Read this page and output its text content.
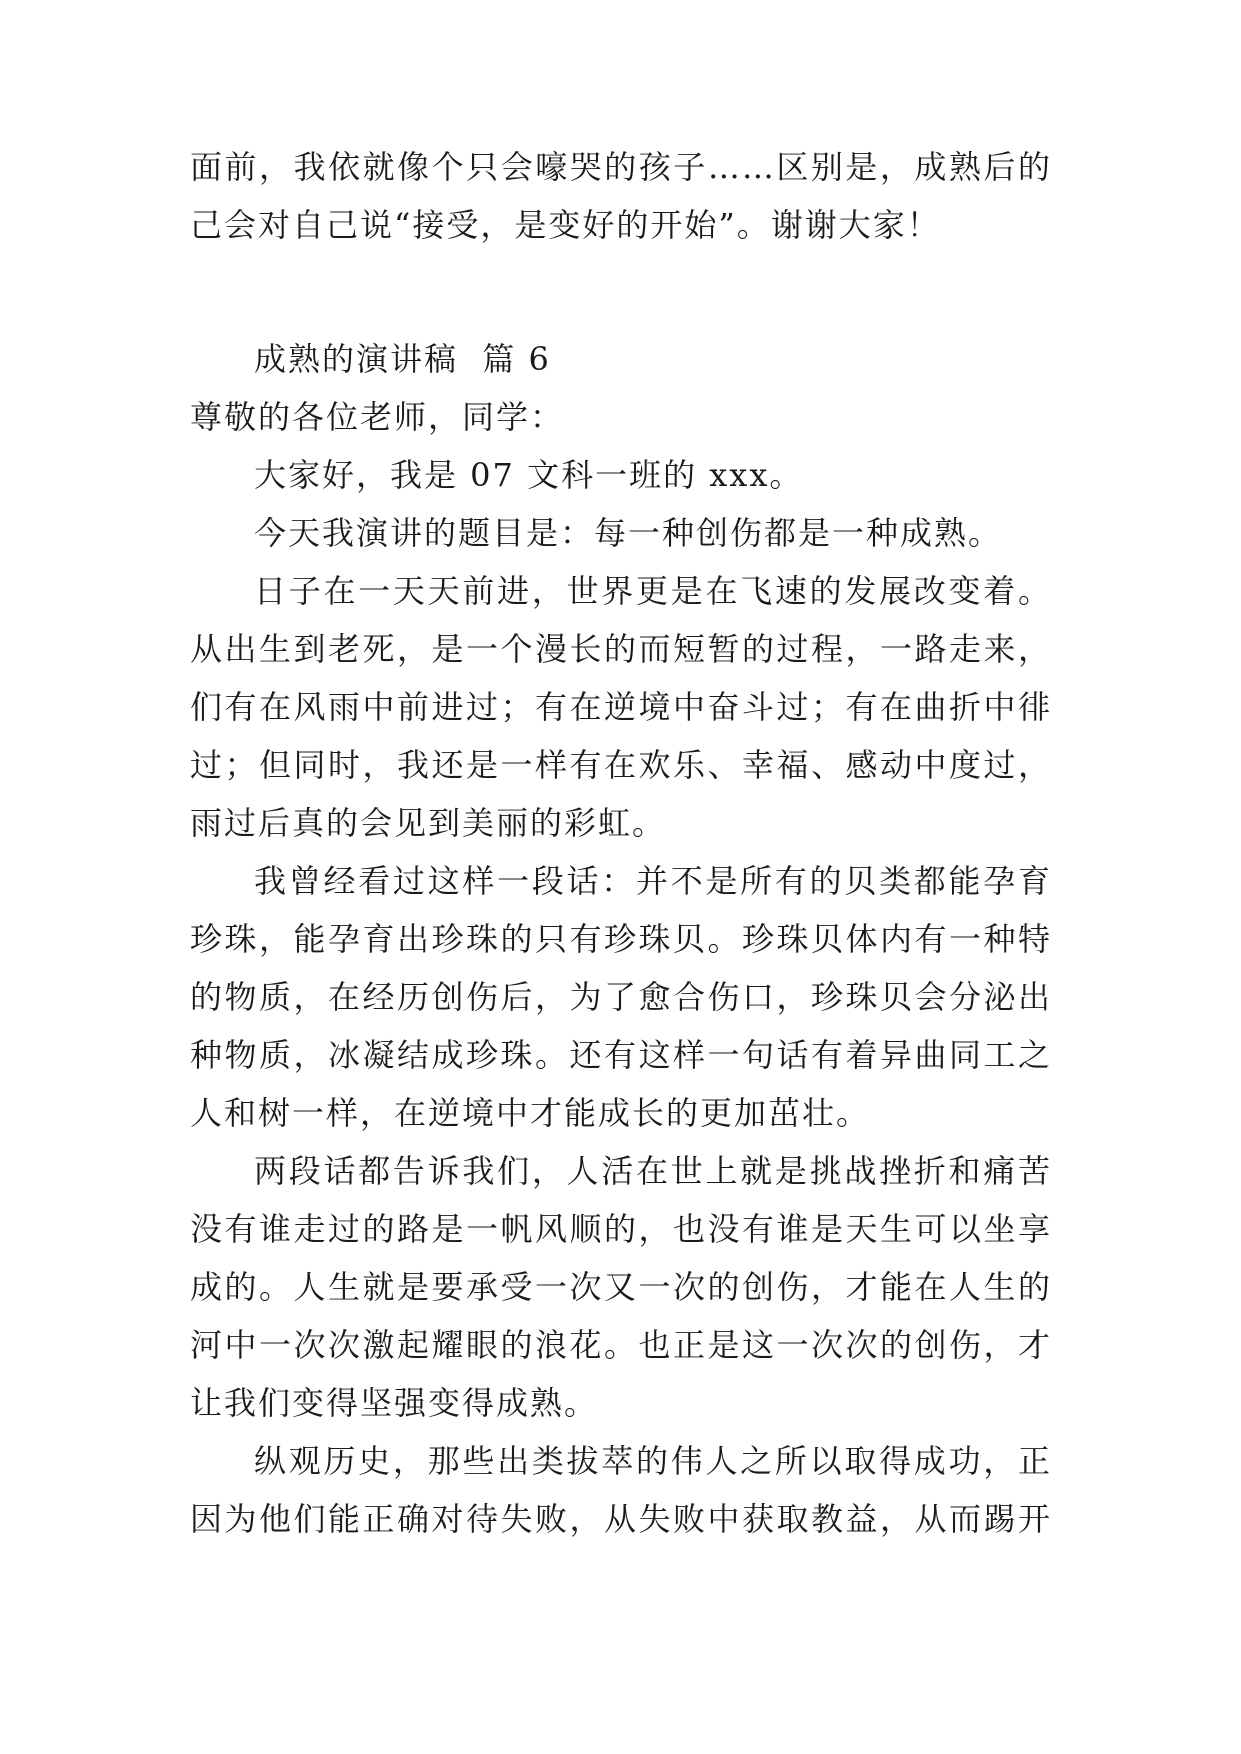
面前，我依就像个只会嚎哭的孩子……区别是，成熟后的
己会对自己说“接受，是变好的开始”。谢谢大家！
成熟的演讲稿  篇 6
尊敬的各位老师，同学：
大家好，我是 07 文科一班的 xxx。
今天我演讲的题目是：每一种创伤都是一种成熟。
日子在一天天前进，世界更是在飞速的发展改变着。
从出生到老死，是一个漫长的而短暂的过程，一路走来，
们有在风雨中前进过；有在逆境中奋斗过；有在曲折中徘
过；但同时，我还是一样有在欢乐、幸福、感动中度过，
雨过后真的会见到美丽的彩虹。
我曾经看过这样一段话：并不是所有的贝类都能孕育
珍珠，能孕育出珍珠的只有珍珠贝。珍珠贝体内有一种特
的物质，在经历创伤后，为了愈合伤口，珍珠贝会分泌出
种物质，冰凝结成珍珠。还有这样一句话有着异曲同工之
人和树一样，在逆境中才能成长的更加茁壮。
两段话都告诉我们，人活在世上就是挑战挫折和痛苦
没有谁走过的路是一帆风顺的，也没有谁是天生可以坐享
成的。人生就是要承受一次又一次的创伤，才能在人生的
河中一次次激起耀眼的浪花。也正是这一次次的创伤，才
让我们变得坚强变得成熟。
纵观历史，那些出类拔萃的伟人之所以取得成功，正
因为他们能正确对待失败，从失败中获取教益，从而踢开
